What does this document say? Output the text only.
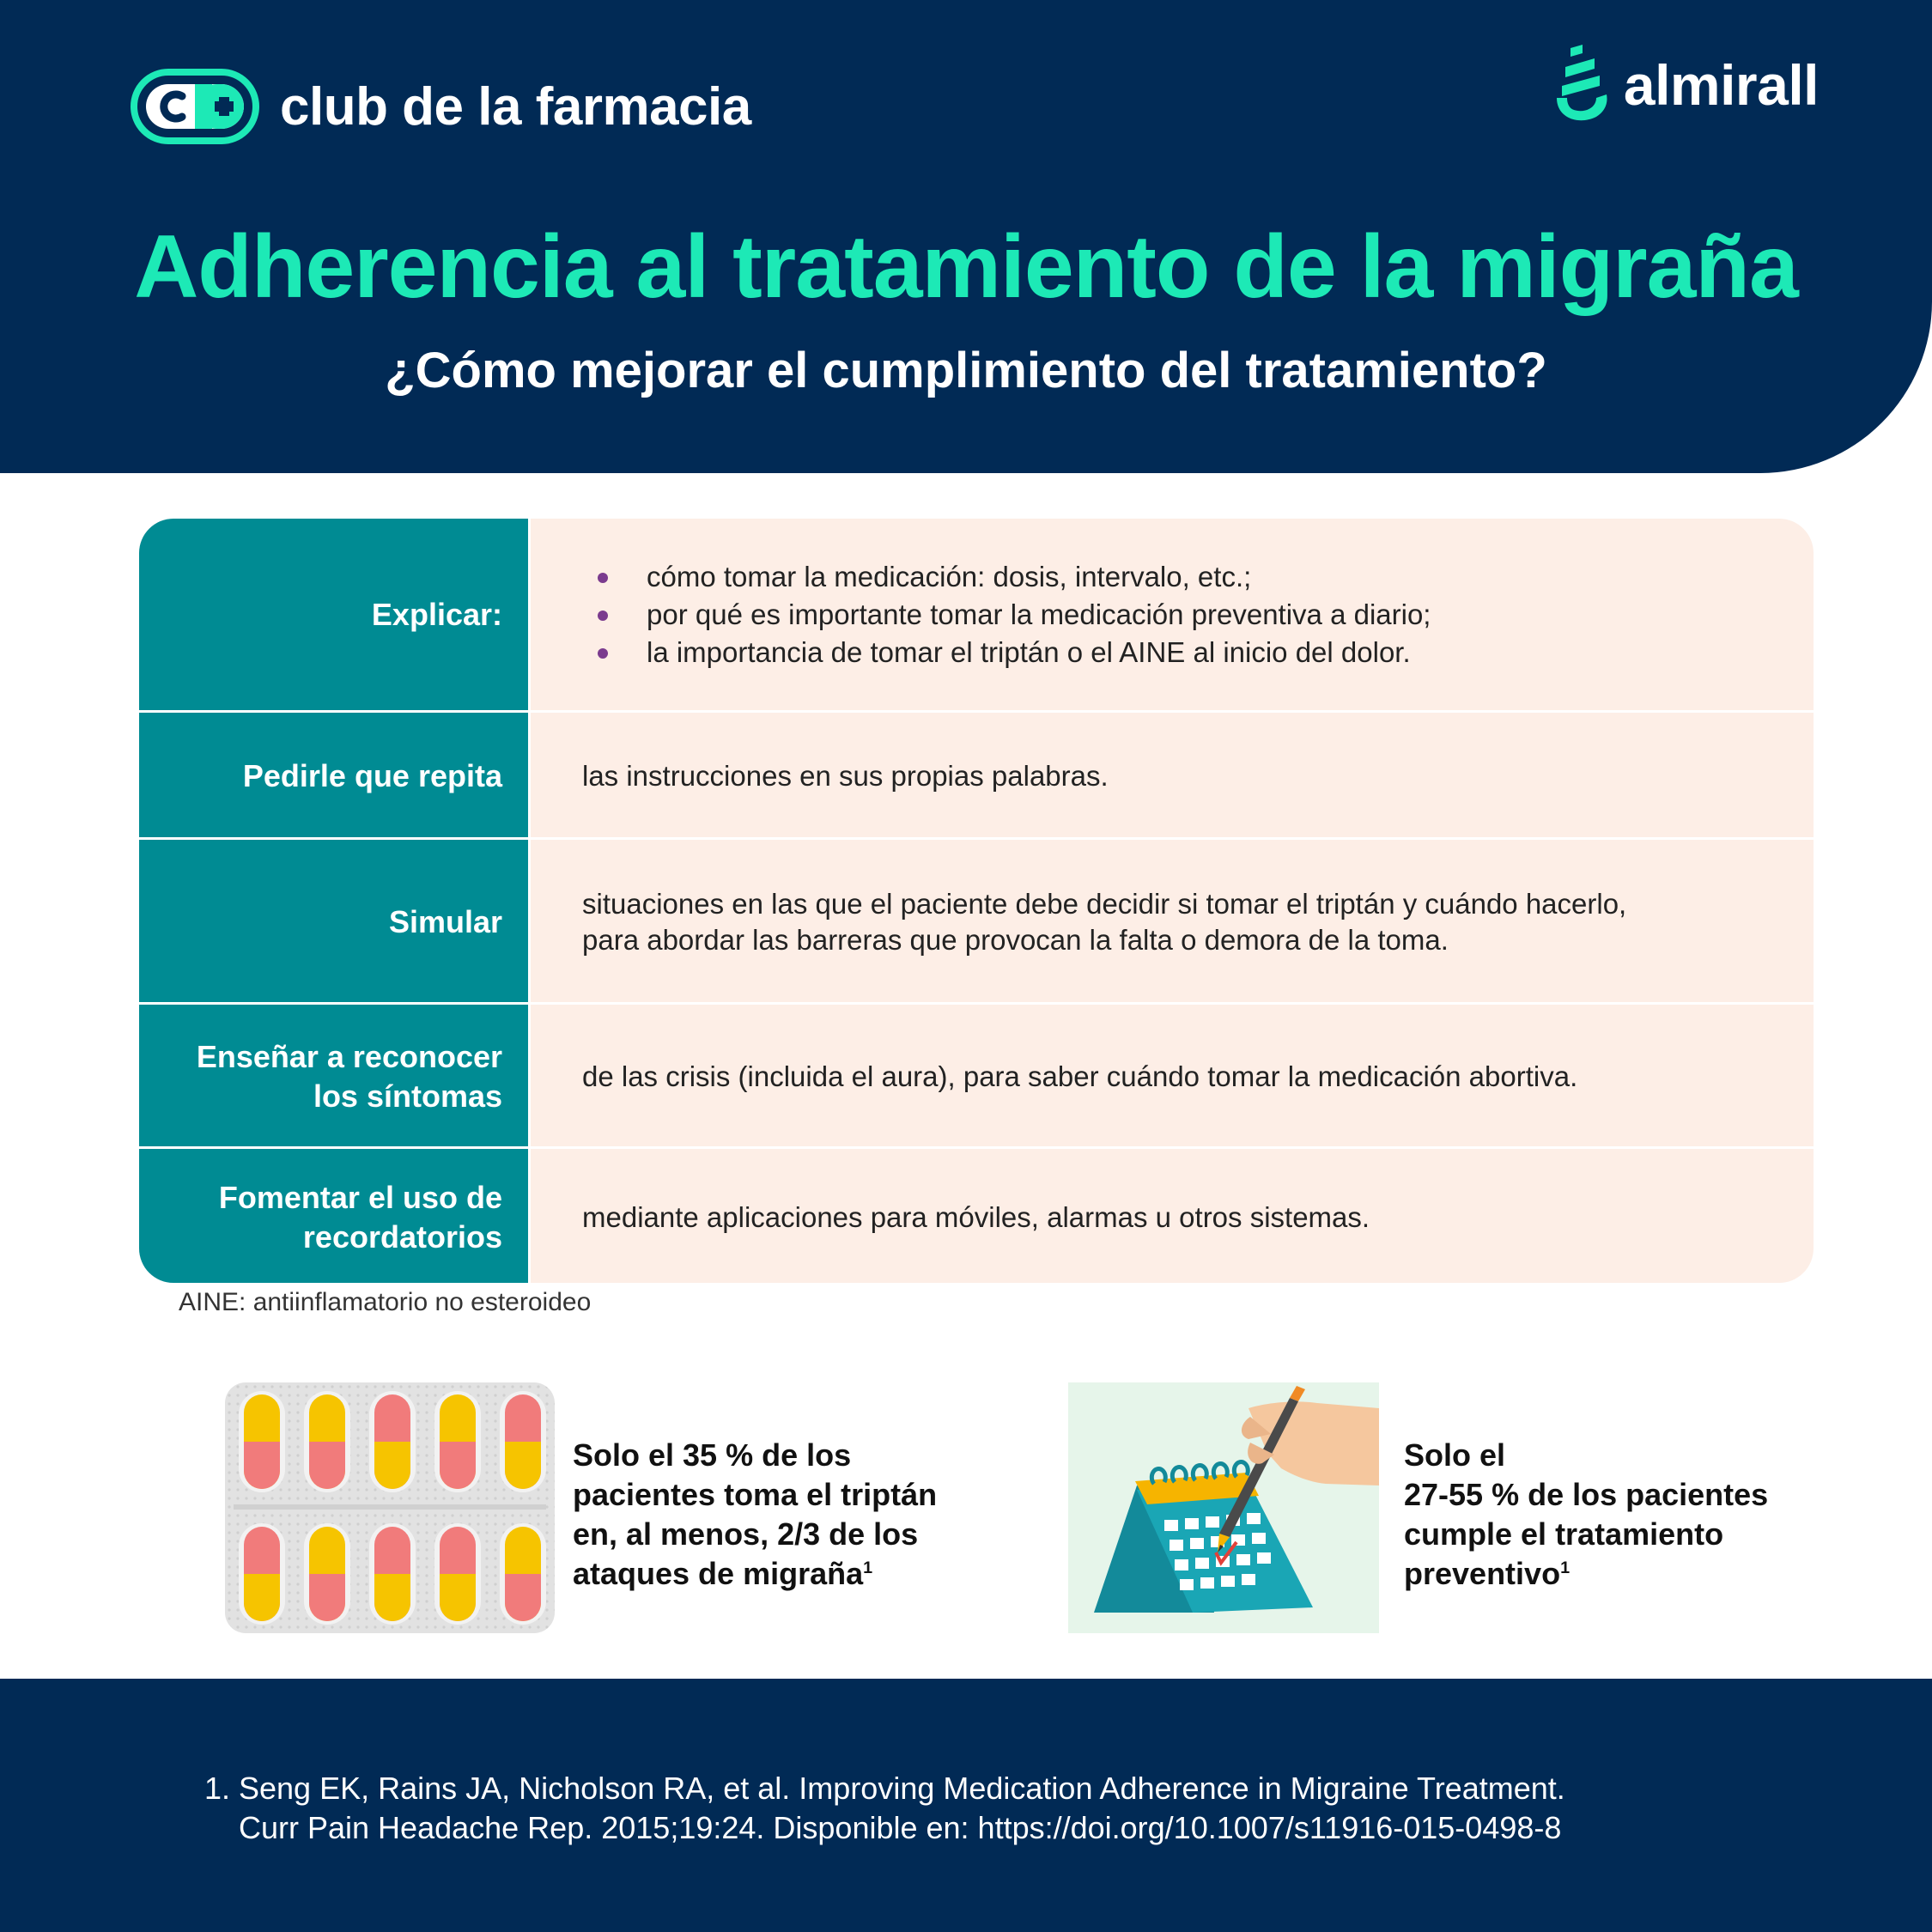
club de la farmacia	almirall
Adherencia al tratamiento de la migraña
¿Cómo mejorar el cumplimiento del tratamiento?
Explicar:
cómo tomar la medicación: dosis, intervalo, etc.;
por qué es importante tomar la medicación preventiva a diario;
la importancia de tomar el triptán o el AINE al inicio del dolor.
Pedirle que repita	las instrucciones en sus propias palabras.
Simular
situaciones en las que el paciente debe decidir si tomar el triptán y cuándo hacerlo,
para abordar las barreras que provocan la falta o demora de la toma.
Enseñar a reconocer
los síntomas
de las crisis (incluida el aura), para saber cuándo tomar la medicación abortiva.
Fomentar el uso de
recordatorios
mediante aplicaciones para móviles, alarmas u otros sistemas.
AINE: antiinflamatorio no esteroideo
Solo el 35 % de los
pacientes toma el triptán
en, al menos, 2/3 de los
ataques de migraña$^1$
Solo el
27-55 % de los pacientes
cumple el tratamiento
preventivo$^1$
1. Seng EK, Rains JA, Nicholson RA, et al. Improving Medication Adherence in Migraine Treatment.
Curr Pain Headache Rep. 2015;19:24. Disponible en: https://doi.org/10.1007/s11916-015-0498-8
